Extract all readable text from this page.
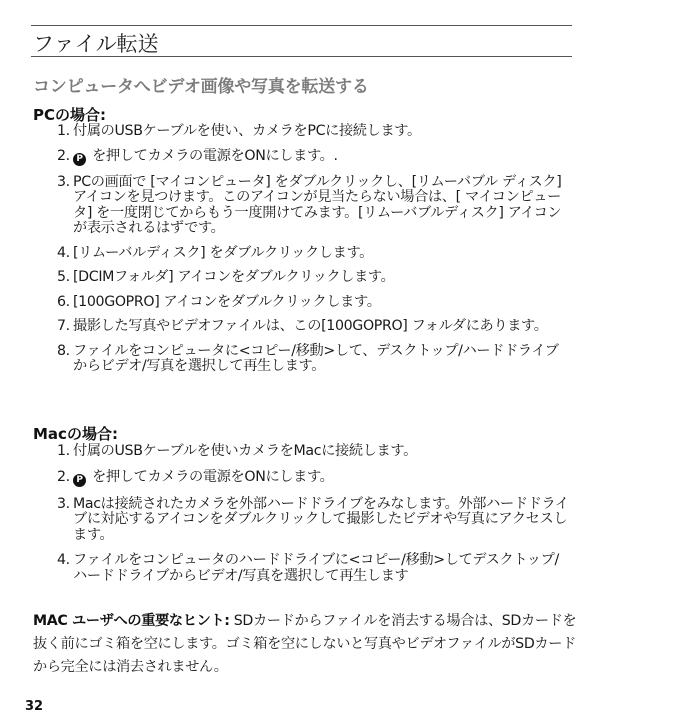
ファイル転送
コンピュータへビデオ画像や写真を転送する
PCの場合:
1. 付属のUSBケーブルを使い、カメラをPCに接続します。
2. P を押してカメラの電源をONにします。.
3. PCの画面で [マイコンピュータ] をダブルクリックし、[リムーバブル ディスク] アイコンを見つけます。このアイコンが見当たらない場合は、[ マイコンピュータ] を一度閉じてからもう一度開けてみます。[リムーバブルディスク] アイコンが表示されるはずです。
4. [リムーバルディスク] をダブルクリックします。
5. [DCIMフォルダ] アイコンをダブルクリックします。
6. [100GOPRO] アイコンをダブルクリックします。
7. 撮影した写真やビデオファイルは、この[100GOPRO] フォルダにあります。
8. ファイルをコンピュータに<コピー/移動>して、デスクトップ/ハードドライブからビデオ/写真を選択して再生します。
Macの場合:
1. 付属のUSBケーブルを使いカメラをMacに接続します。
2. P を押してカメラの電源をONにします。
3. Macは接続されたカメラを外部ハードドライブをみなします。外部ハードドライブに対応するアイコンをダブルクリックして撮影したビデオや写真にアクセスします。
4. ファイルをコンピュータのハードドライブに<コピー/移動>してデスクトップ/ハードドライブからビデオ/写真を選択して再生します
MAC ユーザへの重要なヒント: SDカードからファイルを消去する場合は、SDカードを抜く前にゴミ箱を空にします。ゴミ箱を空にしないと写真やビデオファイルがSDカードから完全には消去されません。
32
